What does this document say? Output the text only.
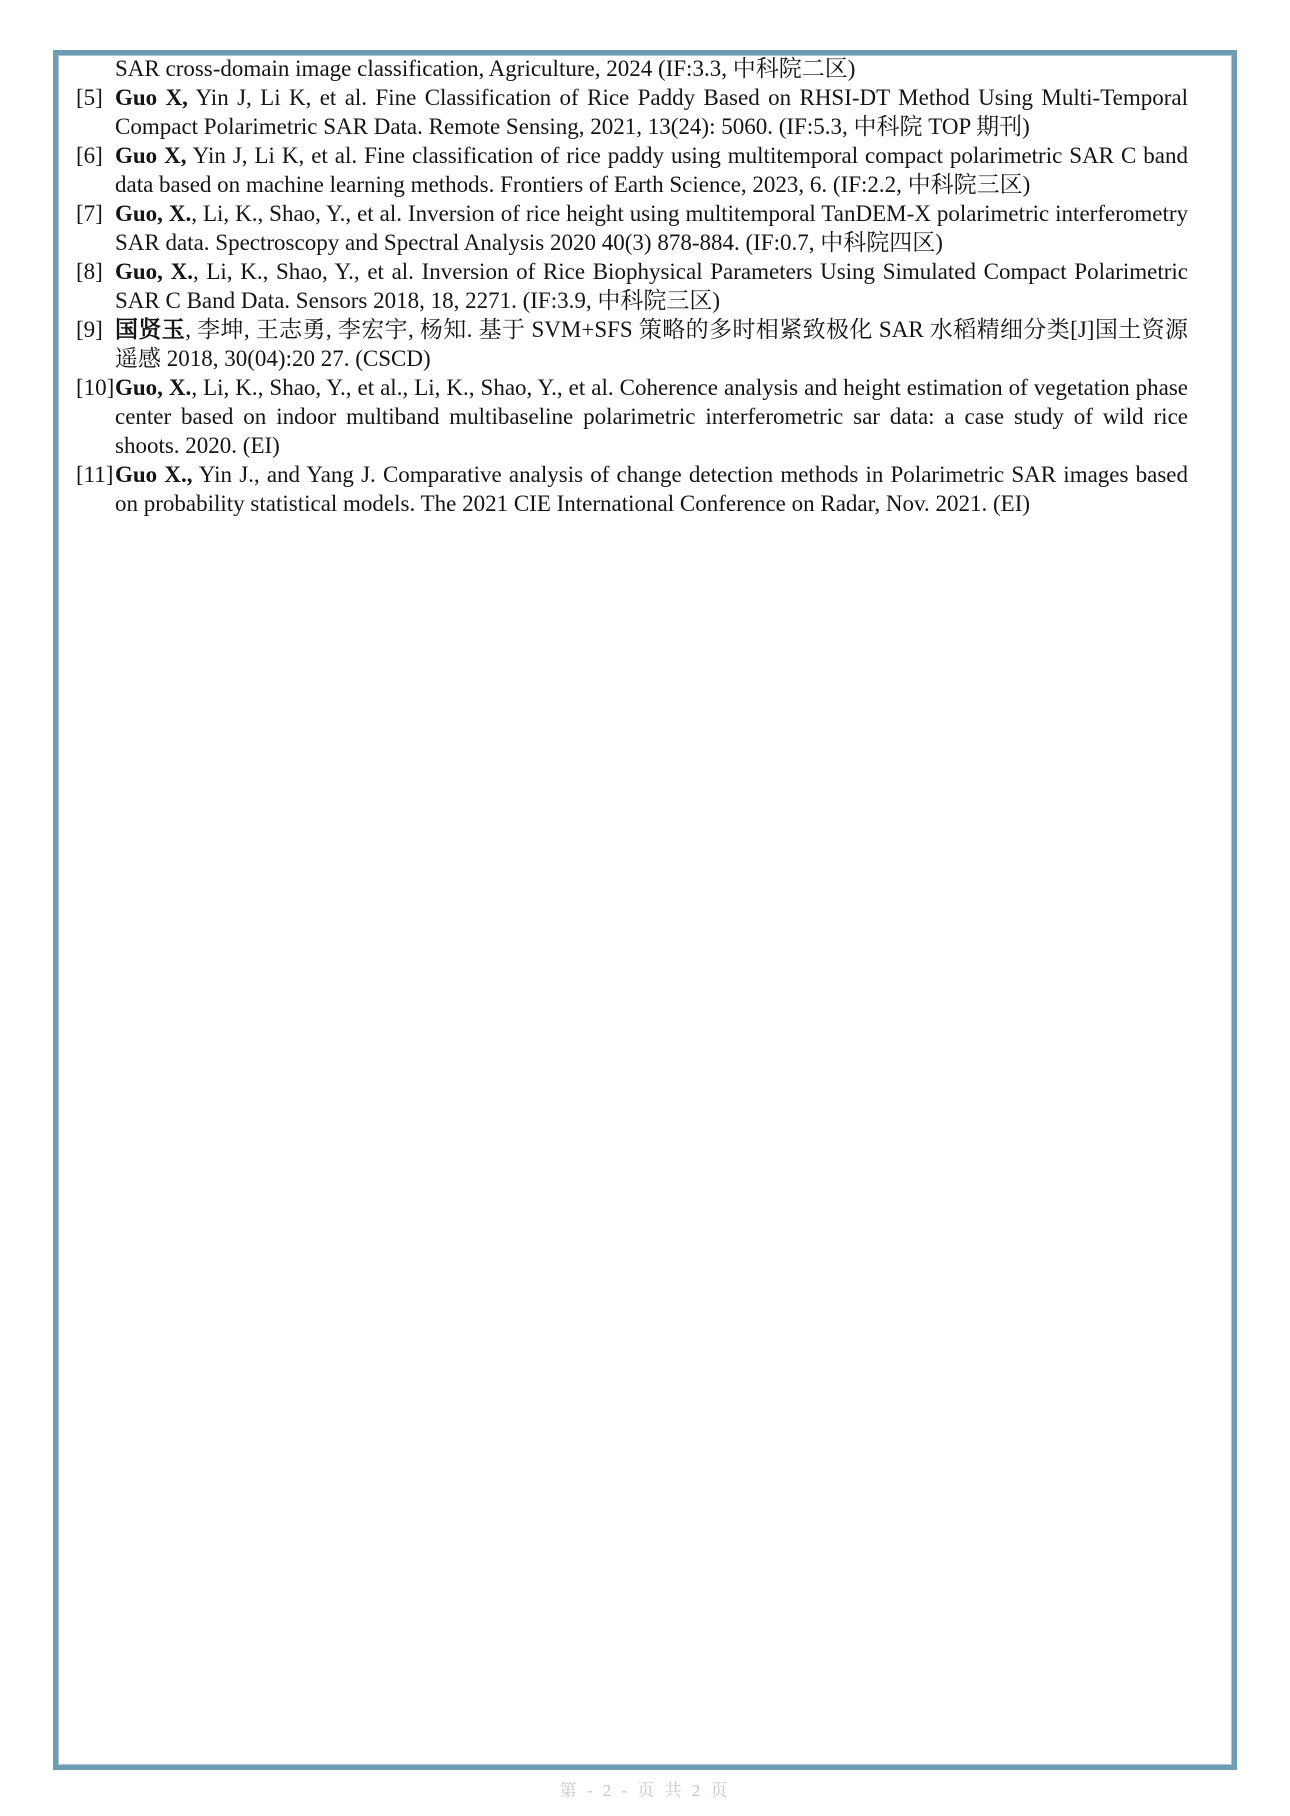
SAR cross-domain image classification, Agriculture, 2024 (IF:3.3, 中科院二区)

[5] Guo X, Yin J, Li K, et al. Fine Classification of Rice Paddy Based on RHSI-DT Method Using Multi-Temporal Compact Polarimetric SAR Data. Remote Sensing, 2021, 13(24): 5060. (IF:5.3, 中科院 TOP 期刊)
[6] Guo X, Yin J, Li K, et al. Fine classification of rice paddy using multitemporal compact polarimetric SAR C band data based on machine learning methods. Frontiers of Earth Science, 2023, 6. (IF:2.2, 中科院三区)
[7] Guo, X., Li, K., Shao, Y., et al. Inversion of rice height using multitemporal TanDEM-X polarimetric interferometry SAR data. Spectroscopy and Spectral Analysis 2020 40(3) 878-884. (IF:0.7, 中科院四区)
[8] Guo, X., Li, K., Shao, Y., et al. Inversion of Rice Biophysical Parameters Using Simulated Compact Polarimetric SAR C Band Data. Sensors 2018, 18, 2271. (IF:3.9, 中科院三区)
[9] 国贤玉, 李坤, 王志勇, 李宏宇, 杨知. 基于 SVM+SFS 策略的多时相紧致极化 SAR 水稻精细分类[J]国土资源遥感 2018, 30(04):20 27. (CSCD)
[10] Guo, X., Li, K., Shao, Y., et al., Li, K., Shao, Y., et al. Coherence analysis and height estimation of vegetation phase center based on indoor multiband multibaseline polarimetric interferometric sar data: a case study of wild rice shoots. 2020. (EI)
[11] Guo X., Yin J., and Yang J. Comparative analysis of change detection methods in Polarimetric SAR images based on probability statistical models. The 2021 CIE International Conference on Radar, Nov. 2021. (EI)
第 - 2 - 页 共 2 页
